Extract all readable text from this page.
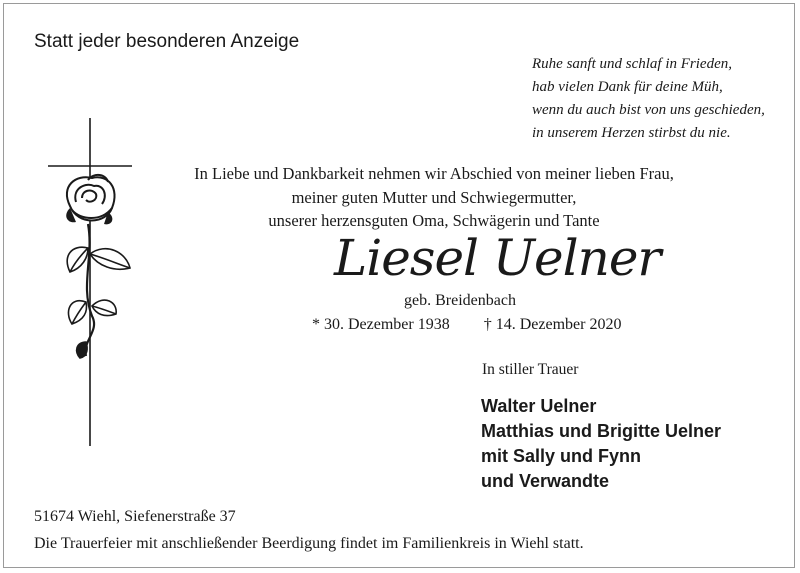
Statt jeder besonderen Anzeige
Ruhe sanft und schlaf in Frieden,
hab vielen Dank für deine Müh,
wenn du auch bist von uns geschieden,
in unserem Herzen stirbst du nie.
In Liebe und Dankbarkeit nehmen wir Abschied von meiner lieben Frau,
meiner guten Mutter und Schwiegermutter,
unserer herzensguten Oma, Schwägerin und Tante
Liesel Uelner
geb. Breidenbach
* 30. Dezember 1938 † 14. Dezember 2020
In stiller Trauer
Walter Uelner
Matthias und Brigitte Uelner
mit Sally und Fynn
und Verwandte
51674 Wiehl, Siefenerstraße 37
Die Trauerfeier mit anschließender Beerdigung findet im Familienkreis in Wiehl statt.
